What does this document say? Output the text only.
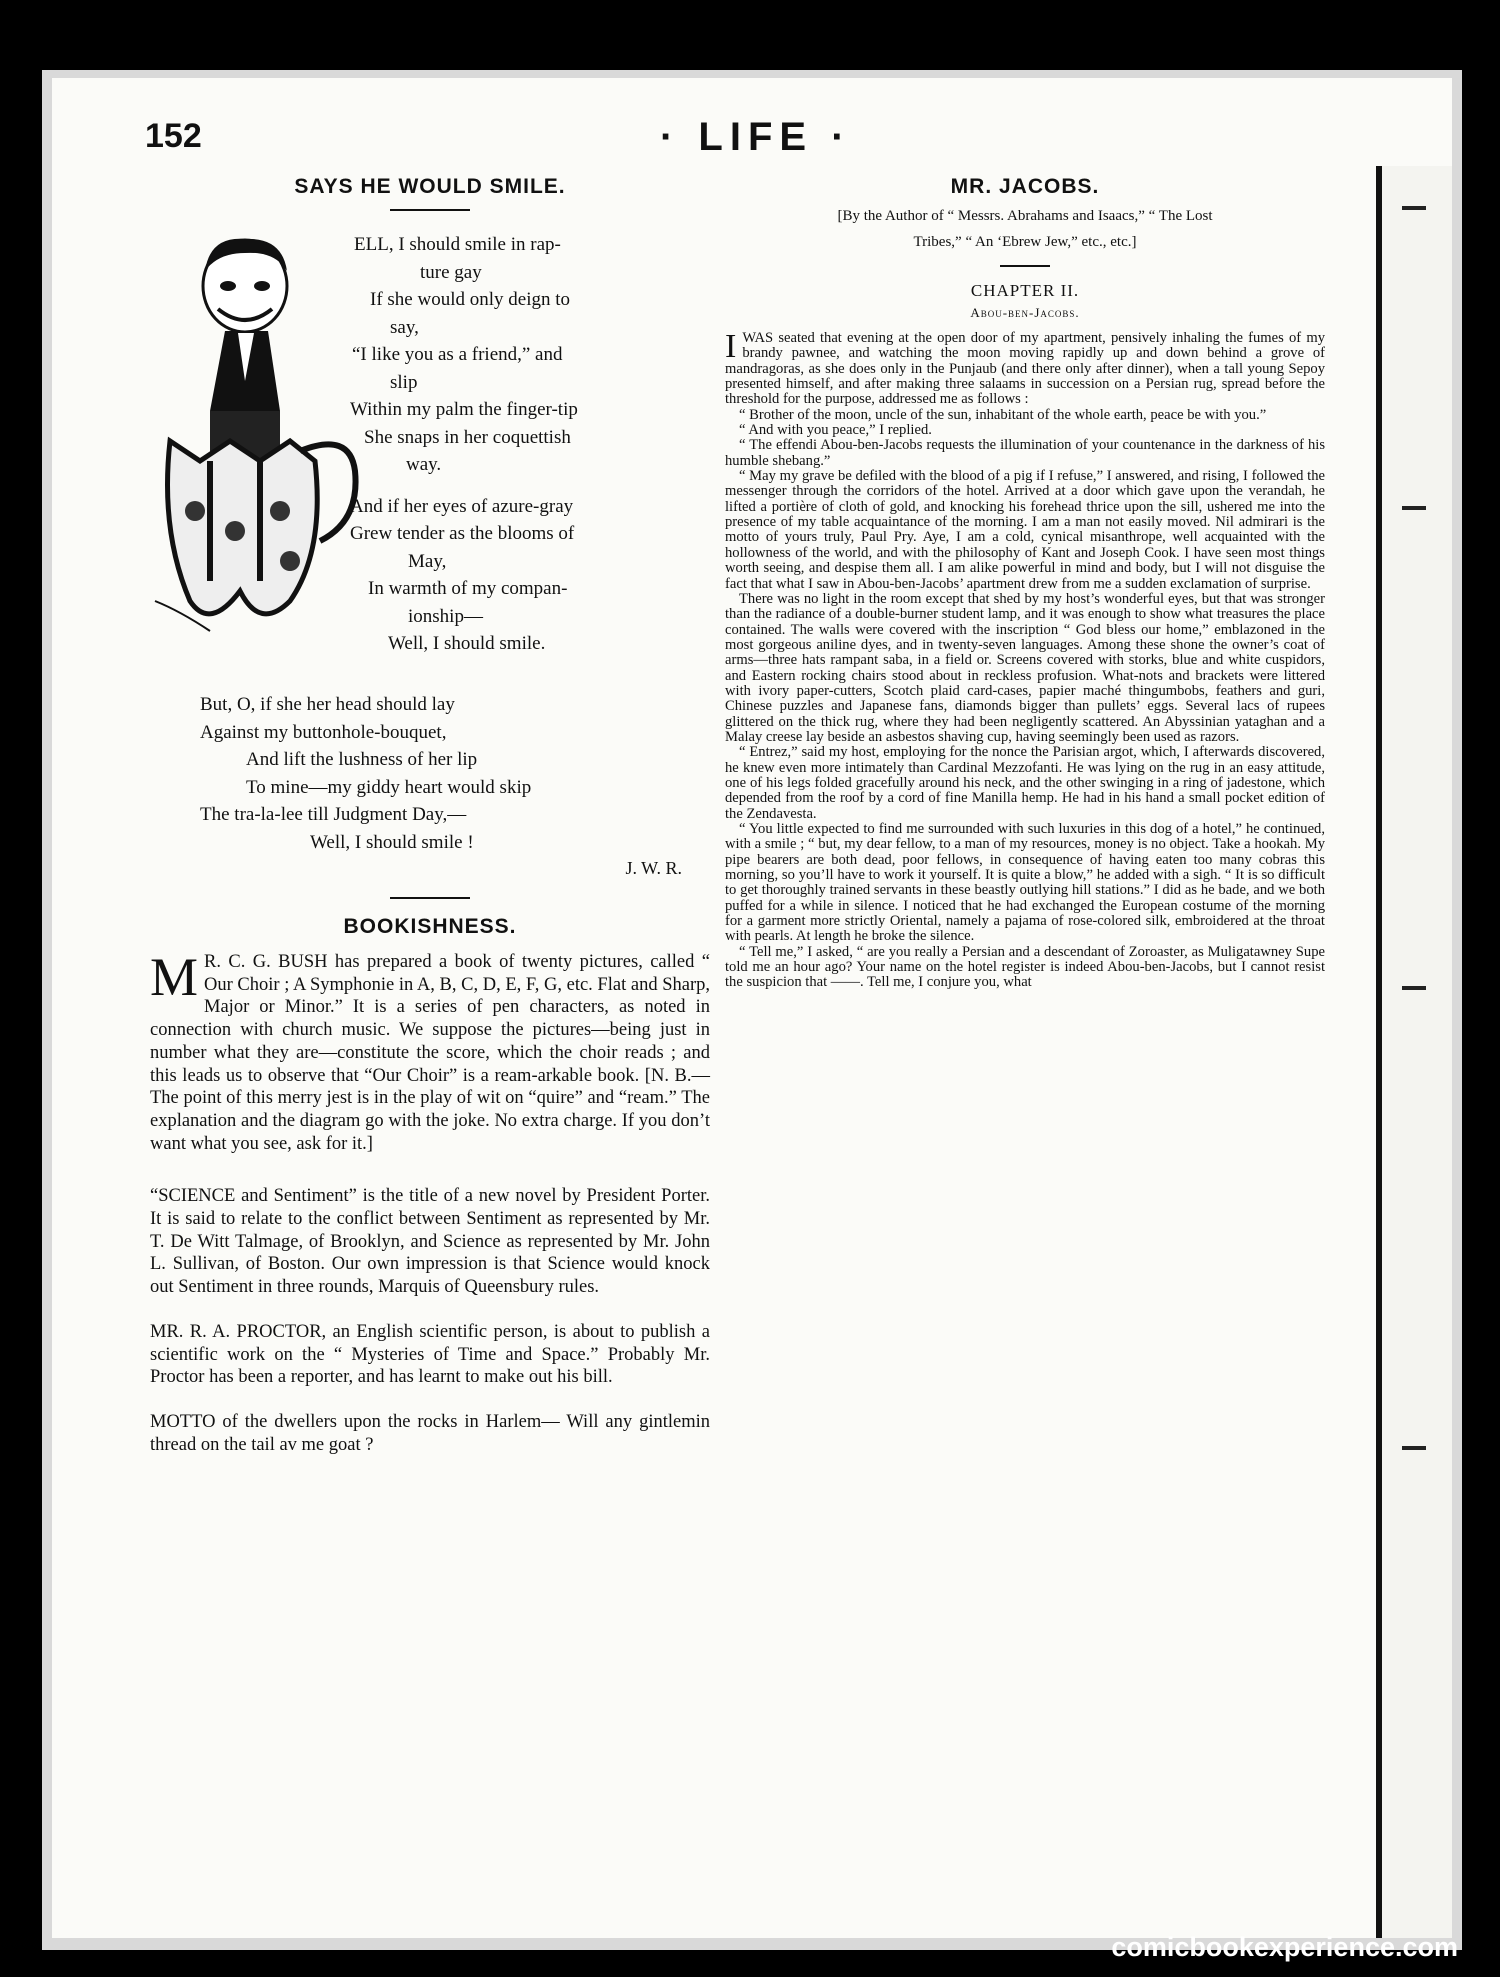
152	· LIFE ·
SAYS HE WOULD SMILE.
ELL, I should smile in rap-
ture gay
If she would only deign to
say,
“I like you as a friend,” and
slip
Within my palm the finger-tip
She snaps in her coquettish
way.
And if her eyes of azure-gray
Grew tender as the blooms of
May,
In warmth of my compan-
ionship—
Well, I should smile.
But, O, if she her head should lay
Against my buttonhole-bouquet,
And lift the lushness of her lip
To mine—my giddy heart would skip
The tra-la-lee till Judgment Day,—
Well, I should smile !
J. W. R.
BOOKISHNESS.

M R. C. G. BUSH has prepared a book of twenty pictures, called “ Our Choir ; A Symphonie in A, B, C, D, E, F, G, etc. Flat and Sharp, Major or Minor.” It is a series of pen characters, as noted in connection with church music. We suppose the pictures—being just in number what they are—constitute the score, which the choir reads ; and this leads us to observe that “Our Choir” is a ream-arkable book. [N. B.—The point of this merry jest is in the play of wit on “quire” and “ream.” The explanation and the diagram go with the joke. No extra charge. If you don’t want what you see, ask for it.]

“SCIENCE and Sentiment” is the title of a new novel by President Porter. It is said to relate to the conflict between Sentiment as represented by Mr. T. De Witt Talmage, of Brooklyn, and Science as represented by Mr. John L. Sullivan, of Boston. Our own impression is that Science would knock out Sentiment in three rounds, Marquis of Queensbury rules.

MR. R. A. PROCTOR, an English scientific person, is about to publish a scientific work on the “ Mysteries of Time and Space.” Probably Mr. Proctor has been a reporter, and has learnt to make out his bill.

MOTTO of the dwellers upon the rocks in Harlem— Will any gintlemin thread on the tail av me goat ?

MR. JACOBS.
[By the Author of “ Messrs. Abrahams and Isaacs,” “ The Lost
Tribes,” “ An ‘Ebrew Jew,” etc., etc.]
CHAPTER II.
Abou-ben-Jacobs.

IWAS seated that evening at the open door of my apartment, pensively inhaling the fumes of my brandy pawnee, and watching the moon moving rapidly up and down behind a grove of mandragoras, as she does only in the Punjaub (and there only after dinner), when a tall young Sepoy presented himself, and after making three salaams in succession on a Persian rug, spread before the threshold for the purpose, addressed me as follows :

“ Brother of the moon, uncle of the sun, inhabitant of the whole earth, peace be with you.”

“ And with you peace,” I replied.

“ The effendi Abou-ben-Jacobs requests the illumination of your countenance in the darkness of his humble shebang.”

“ May my grave be defiled with the blood of a pig if I refuse,” I answered, and rising, I followed the messenger through the corridors of the hotel. Arrived at a door which gave upon the verandah, he lifted a portière of cloth of gold, and knocking his forehead thrice upon the sill, ushered me into the presence of my table acquaintance of the morning. I am a man not easily moved. Nil admirari is the motto of yours truly, Paul Pry. Aye, I am a cold, cynical misanthrope, well acquainted with the hollowness of the world, and with the philosophy of Kant and Joseph Cook. I have seen most things worth seeing, and despise them all. I am alike powerful in mind and body, but I will not disguise the fact that what I saw in Abou-ben-Jacobs’ apartment drew from me a sudden exclamation of surprise.

There was no light in the room except that shed by my host’s wonderful eyes, but that was stronger than the radiance of a double-burner student lamp, and it was enough to show what treasures the place contained. The walls were covered with the inscription “ God bless our home,” emblazoned in the most gorgeous aniline dyes, and in twenty-seven languages. Among these shone the owner’s coat of arms—three hats rampant saba, in a field or. Screens covered with storks, blue and white cuspidors, and Eastern rocking chairs stood about in reckless profusion. What-nots and brackets were littered with ivory paper-cutters, Scotch plaid card-cases, papier maché thingumbobs, feathers and guri, Chinese puzzles and Japanese fans, diamonds bigger than pullets’ eggs. Several lacs of rupees glittered on the thick rug, where they had been negligently scattered. An Abyssinian yataghan and a Malay creese lay beside an asbestos shaving cup, having seemingly been used as razors.

“ Entrez,” said my host, employing for the nonce the Parisian argot, which, I afterwards discovered, he knew even more intimately than Cardinal Mezzofanti. He was lying on the rug in an easy attitude, one of his legs folded gracefully around his neck, and the other swinging in a ring of jadestone, which depended from the roof by a cord of fine Manilla hemp. He had in his hand a small pocket edition of the Zendavesta.

“ You little expected to find me surrounded with such luxuries in this dog of a hotel,” he continued, with a smile ; “ but, my dear fellow, to a man of my resources, money is no object. Take a hookah. My pipe bearers are both dead, poor fellows, in consequence of having eaten too many cobras this morning, so you’ll have to work it yourself. It is quite a blow,” he added with a sigh. “ It is so difficult to get thoroughly trained servants in these beastly outlying hill stations.” I did as he bade, and we both puffed for a while in silence. I noticed that he had exchanged the European costume of the morning for a garment more strictly Oriental, namely a pajama of rose-colored silk, embroidered at the throat with pearls. At length he broke the silence.

“ Tell me,” I asked, “ are you really a Persian and a descendant of Zoroaster, as Muligatawney Supe told me an hour ago? Your name on the hotel register is indeed Abou-ben-Jacobs, but I cannot resist the suspicion that ——. Tell me, I conjure you, what

comicbookexperience.com
